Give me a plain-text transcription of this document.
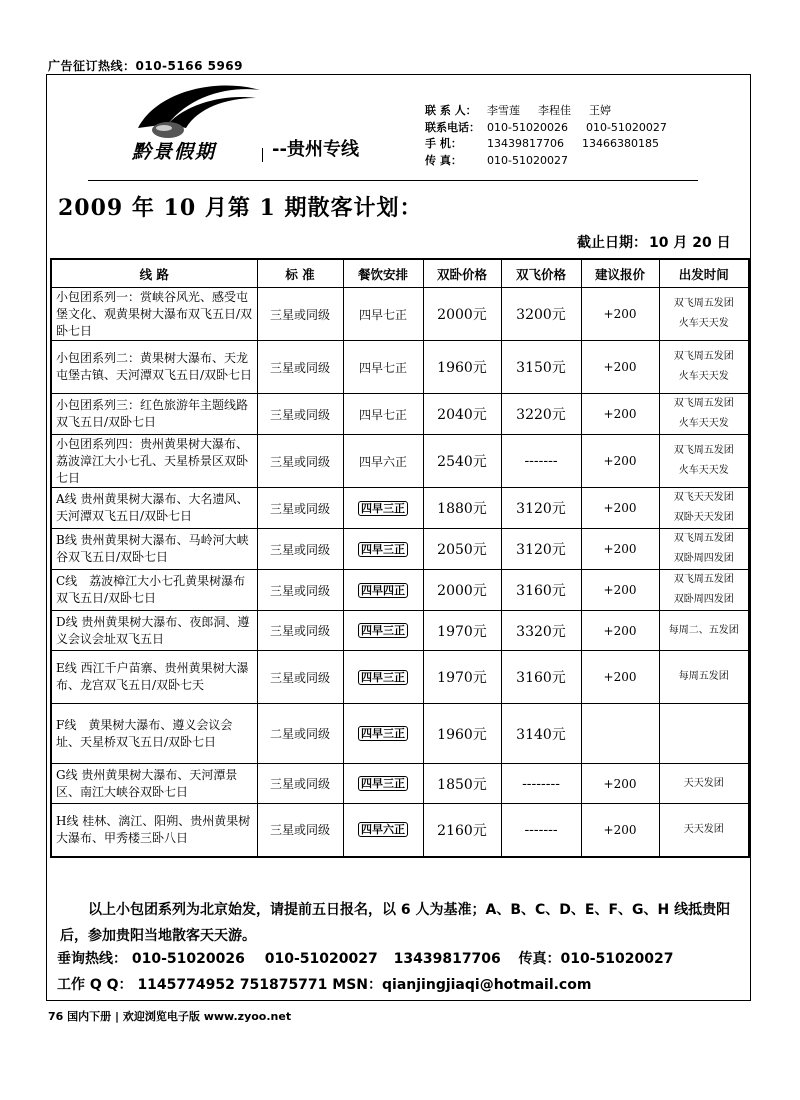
广告征订热线：010-5166 5969
黔景假期	--贵州专线
联 系 人： 李雪莲 李程佳 王婷
联系电话： 010-51020026 010-51020027
手 机：	13439817706 13466380185
传 真：	010-51020027
2009 年 10 月第 1 期散客计划：
截止日期： 10 月 20 日
线 路	标 准	餐饮安排	双卧价格	双飞价格	建议报价	出发时间
小包团系列一：赏峡谷风光、感受屯堡文化、观黄果树大瀑布双飞五日/双卧七日	三星或同级	四早七正	2000元	3200元	+200	双飞周五发团
火车天天发

小包团系列二：黄果树大瀑布、天龙屯堡古镇、天河潭双飞五日/双卧七日	三星或同级	四早七正	1960元	3150元	+200	双飞周五发团
火车天天发

小包团系列三：红色旅游年主题线路双飞五日/双卧七日	三星或同级	四早七正	2040元	3220元	+200	双飞周五发团
火车天天发

小包团系列四：贵州黄果树大瀑布、荔波漳江大小七孔、天星桥景区双卧七日	三星或同级	四早六正	2540元	-------	+200	双飞周五发团
火车天天发

A线 贵州黄果树大瀑布、大名遗风、天河潭双飞五日/双卧七日	三星或同级	四早三正	1880元	3120元	+200	双飞天天发团
双卧天天发团

B线 贵州黄果树大瀑布、马岭河大峡谷双飞五日/双卧七日	三星或同级	四早三正	2050元	3120元	+200	双飞周五发团
双卧周四发团

C线　荔波樟江大小七孔黄果树瀑布双飞五日/双卧七日	三星或同级	四早四正	2000元	3160元	+200	双飞周五发团
双卧周四发团

D线 贵州黄果树大瀑布、夜郎洞、遵义会议会址双飞五日	三星或同级	四早三正	1970元	3320元	+200	每周二、五发团

E线 西江千户苗寨、贵州黄果树大瀑布、龙宫双飞五日/双卧七天	三星或同级	四早三正	1970元	3160元	+200	每周五发团

F线　黄果树大瀑布、遵义会议会址、天星桥双飞五日/双卧七日	二星或同级	四早三正	1960元	3140元		
G线 贵州黄果树大瀑布、天河潭景区、南江大峡谷双卧七日	三星或同级	四早三正	1850元	--------	+200	天天发团

H线 桂林、漓江、阳朔、贵州黄果树大瀑布、甲秀楼三卧八日	三星或同级	四早六正	2160元	-------	+200	天天发团
以上小包团系列为北京始发，请提前五日报名，以 6 人为基准；A、B、C、D、E、F、G、H 线抵贵阳后，参加贵阳当地散客天天游。
垂询热线： 010-51020026 010-51020027 13439817706 传真：010-51020027
工作 Q Q： 1145774952 751875771 MSN：qianjingjiaqi@hotmail.com
76 国内下册 | 欢迎浏览电子版 www.zyoo.net
